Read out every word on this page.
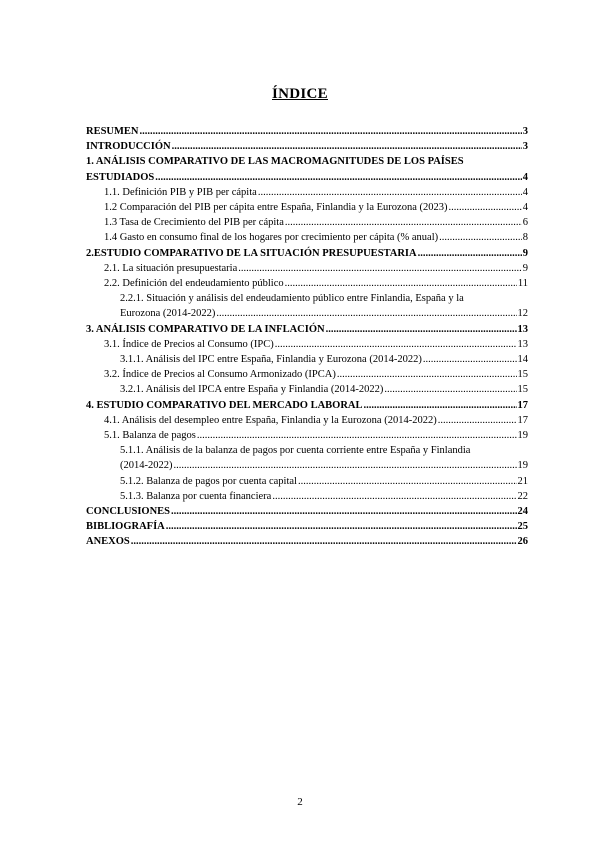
ÍNDICE
RESUMEN .....	3
INTRODUCCIÓN .....	3
1. ANÁLISIS COMPARATIVO DE LAS MACROMAGNITUDES DE LOS PAÍSES
ESTUDIADOS .....	4
1.1. Definición PIB y PIB per cápita .....	4
1.2 Comparación del PIB per cápita entre España, Finlandia y la Eurozona (2023) .....	4
1.3 Tasa de Crecimiento del PIB per cápita .....	6
1.4 Gasto en consumo final de los hogares por crecimiento per cápita (% anual) .....	8
2.ESTUDIO COMPARATIVO DE LA SITUACIÓN PRESUPUESTARIA .....	9
2.1. La situación presupuestaria .....	9
2.2. Definición del endeudamiento público .....	11
2.2.1. Situación y análisis del endeudamiento público entre Finlandia, España y la
Eurozona (2014-2022) .....	12
3. ANÁLISIS COMPARATIVO DE LA INFLACIÓN .....	13
3.1. Índice de Precios al Consumo (IPC) .....	13
3.1.1. Análisis del IPC entre España, Finlandia y Eurozona (2014-2022) .....	14
3.2. Índice de Precios al Consumo Armonizado (IPCA) .....	15
3.2.1. Análisis del IPCA entre España y Finlandia (2014-2022) .....	15
4. ESTUDIO COMPARATIVO DEL MERCADO LABORAL .....	17
4.1. Análisis del desempleo entre España, Finlandia y la Eurozona (2014-2022) .....	17
5.1. Balanza de pagos .....	19
5.1.1. Análisis de la balanza de pagos por cuenta corriente entre España y Finlandia
(2014-2022) .....	19
5.1.2. Balanza de pagos por cuenta capital .....	21
5.1.3. Balanza por cuenta financiera .....	22
CONCLUSIONES .....	24
BIBLIOGRAFÍA .....	25
ANEXOS .....	26
2
